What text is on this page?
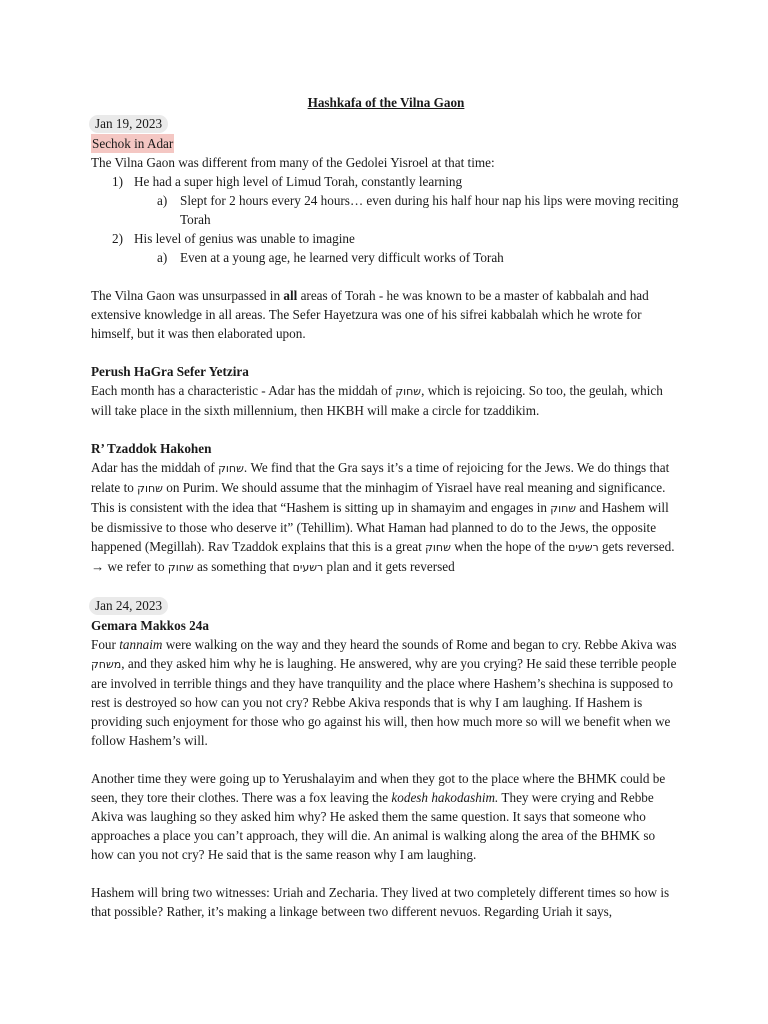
Hashkafa of the Vilna Gaon
Jan 19, 2023
Sechok in Adar

The Vilna Gaon was different from many of the Gedolei Yisroel at that time:

1) He had a super high level of Limud Torah, constantly learning
a) Slept for 2 hours every 24 hours… even during his half hour nap his lips were moving reciting Torah
2) His level of genius was unable to imagine
a) Even at a young age, he learned very difficult works of Torah

The Vilna Gaon was unsurpassed in all areas of Torah - he was known to be a master of kabbalah and had extensive knowledge in all areas. The Sefer Hayetzura was one of his sifrei kabbalah which he wrote for himself, but it was then elaborated upon.

Perush HaGra Sefer Yetzira

Each month has a characteristic - Adar has the middah of שחוק, which is rejoicing. So too, the geulah, which will take place in the sixth millennium, then HKBH will make a circle for tzaddikim.

R’ Tzaddok Hakohen

Adar has the middah of שחוק. We find that the Gra says it’s a time of rejoicing for the Jews. We do things that relate to שחוק on Purim. We should assume that the minhagim of Yisrael have real meaning and significance. This is consistent with the idea that “Hashem is sitting up in shamayim and engages in שחוק and Hashem will be dismissive to those who deserve it” (Tehillim). What Haman had planned to do to the Jews, the opposite happened (Megillah). Rav Tzaddok explains that this is a great שחוק when the hope of the רשעים gets reversed.

→ we refer to שחוק as something that רשעים plan and it gets reversed

Jan 24, 2023
Gemara Makkos 24a

Four tannaim were walking on the way and they heard the sounds of Rome and began to cry. Rebbe Akiva was משחק, and they asked him why he is laughing. He answered, why are you crying? He said these terrible people are involved in terrible things and they have tranquility and the place where Hashem’s shechina is supposed to rest is destroyed so how can you not cry? Rebbe Akiva responds that is why I am laughing. If Hashem is providing such enjoyment for those who go against his will, then how much more so will we benefit when we follow Hashem’s will.

Another time they were going up to Yerushalayim and when they got to the place where the BHMK could be seen, they tore their clothes. There was a fox leaving the kodesh hakodashim. They were crying and Rebbe Akiva was laughing so they asked him why? He asked them the same question. It says that someone who approaches a place you can’t approach, they will die. An animal is walking along the area of the BHMK so how can you not cry? He said that is the same reason why I am laughing.

Hashem will bring two witnesses: Uriah and Zecharia. They lived at two completely different times so how is that possible? Rather, it’s making a linkage between two different nevuos. Regarding Uriah it says,
